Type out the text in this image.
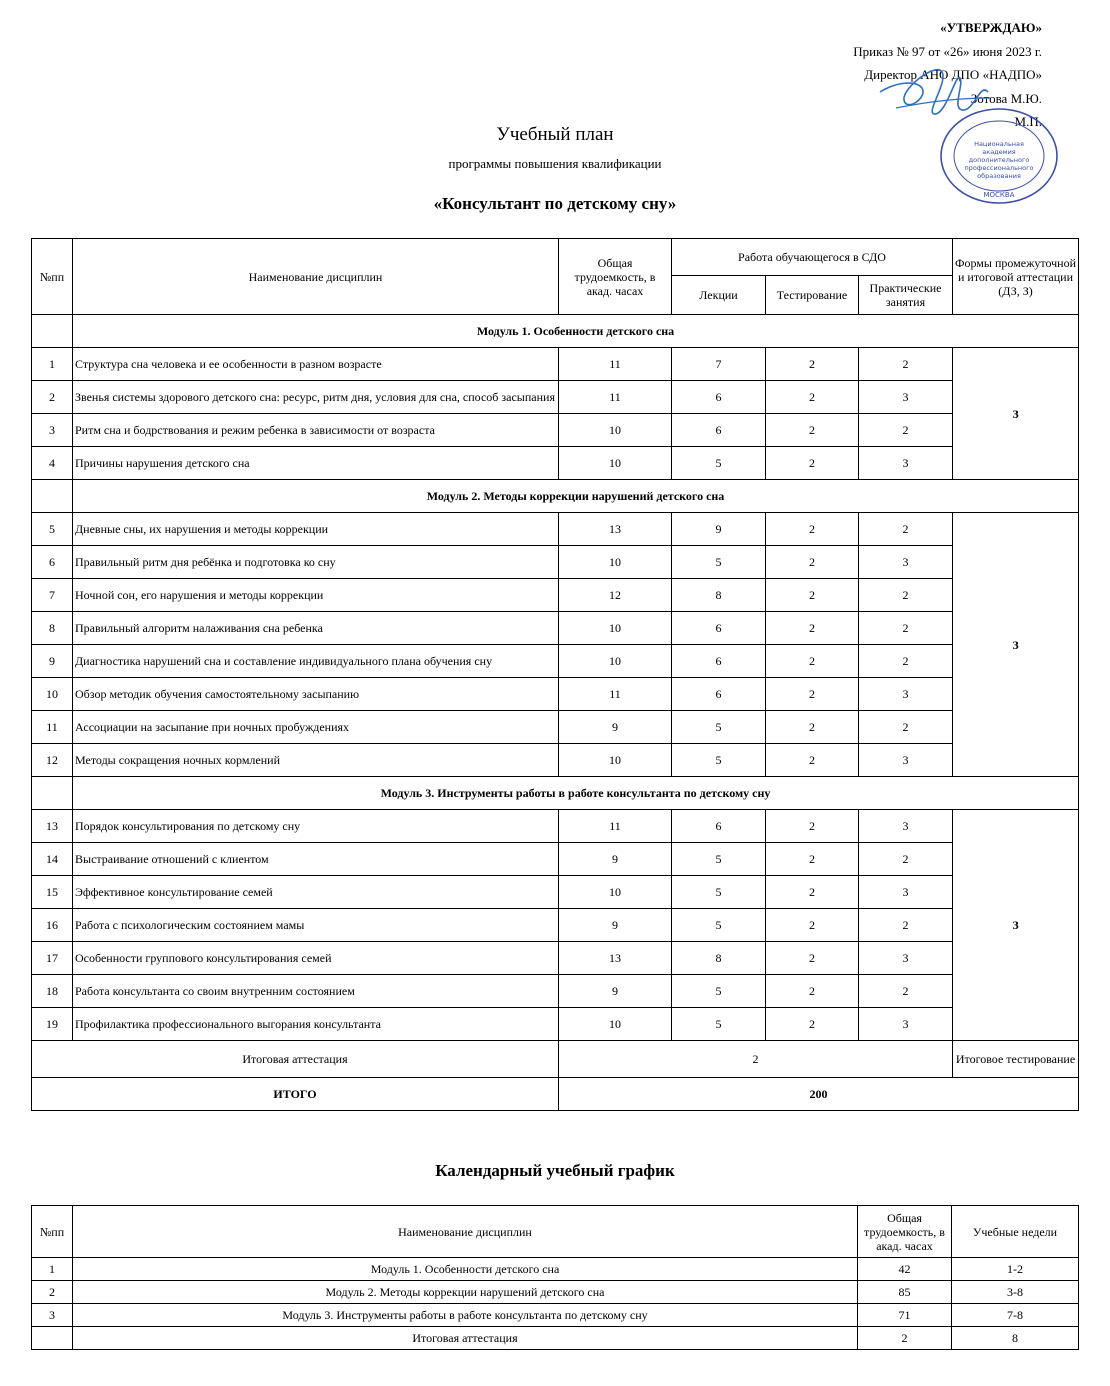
«УТВЕРЖДАЮ»
Приказ № 97 от «26» июня 2023 г.
Директор АНО ДПО «НАДПО»
Зотова М.Ю.
М.П.
Национальная
академия
дополнительного
профессионального
образования
МОСКВА
Учебный план
программы повышения квалификации
«Консультант по детскому сну»
№пп	Наименование дисциплин	Общая трудоемкость, в акад. часах	Работа обучающегося в СДО			Формы промежуточной и итоговой аттестации (ДЗ, З)
			Лекции	Тестирование	Практические занятия	
	Модуль 1. Особенности детского сна					
1	Структура сна человека и ее особенности в разном возрасте	11	7	2	2	З
2	Звенья системы здорового детского сна: ресурс, ритм дня, условия для сна, способ засыпания	11	6	2	3	
3	Ритм сна и бодрствования и режим ребенка в зависимости от возраста	10	6	2	2	
4	Причины нарушения детского сна	10	5	2	3	
	Модуль 2. Методы коррекции нарушений детского сна					
5	Дневные сны, их нарушения и методы коррекции	13	9	2	2	З
6	Правильный ритм дня ребёнка и подготовка ко сну	10	5	2	3	
7	Ночной сон, его нарушения и методы коррекции	12	8	2	2	
8	Правильный алгоритм налаживания сна ребенка	10	6	2	2	
9	Диагностика нарушений сна и составление индивидуального плана обучения сну	10	6	2	2	
10	Обзор методик обучения самостоятельному засыпанию	11	6	2	3	
11	Ассоциации на засыпание при ночных пробуждениях	9	5	2	2	
12	Методы сокращения ночных кормлений	10	5	2	3	
	Модуль 3. Инструменты работы в работе консультанта по детскому сну					
13	Порядок консультирования по детскому сну	11	6	2	3	З
14	Выстраивание отношений с клиентом	9	5	2	2	
15	Эффективное консультирование семей	10	5	2	3	
16	Работа с психологическим состоянием мамы	9	5	2	2	
17	Особенности группового консультирования семей	13	8	2	3	
18	Работа консультанта со своим внутренним состоянием	9	5	2	2	
19	Профилактика профессионального выгорания консультанта	10	5	2	3	
Итоговая аттестация		2				Итоговое тестирование
ИТОГО		200				
Календарный учебный график
№пп	Наименование дисциплин	Общая трудоемкость, в акад. часах	Учебные недели
1	Модуль 1. Особенности детского сна	42	1-2
2	Модуль 2. Методы коррекции нарушений детского сна	85	3-8
3	Модуль 3. Инструменты работы в работе консультанта по детскому сну	71	7-8
	Итоговая аттестация	2	8
